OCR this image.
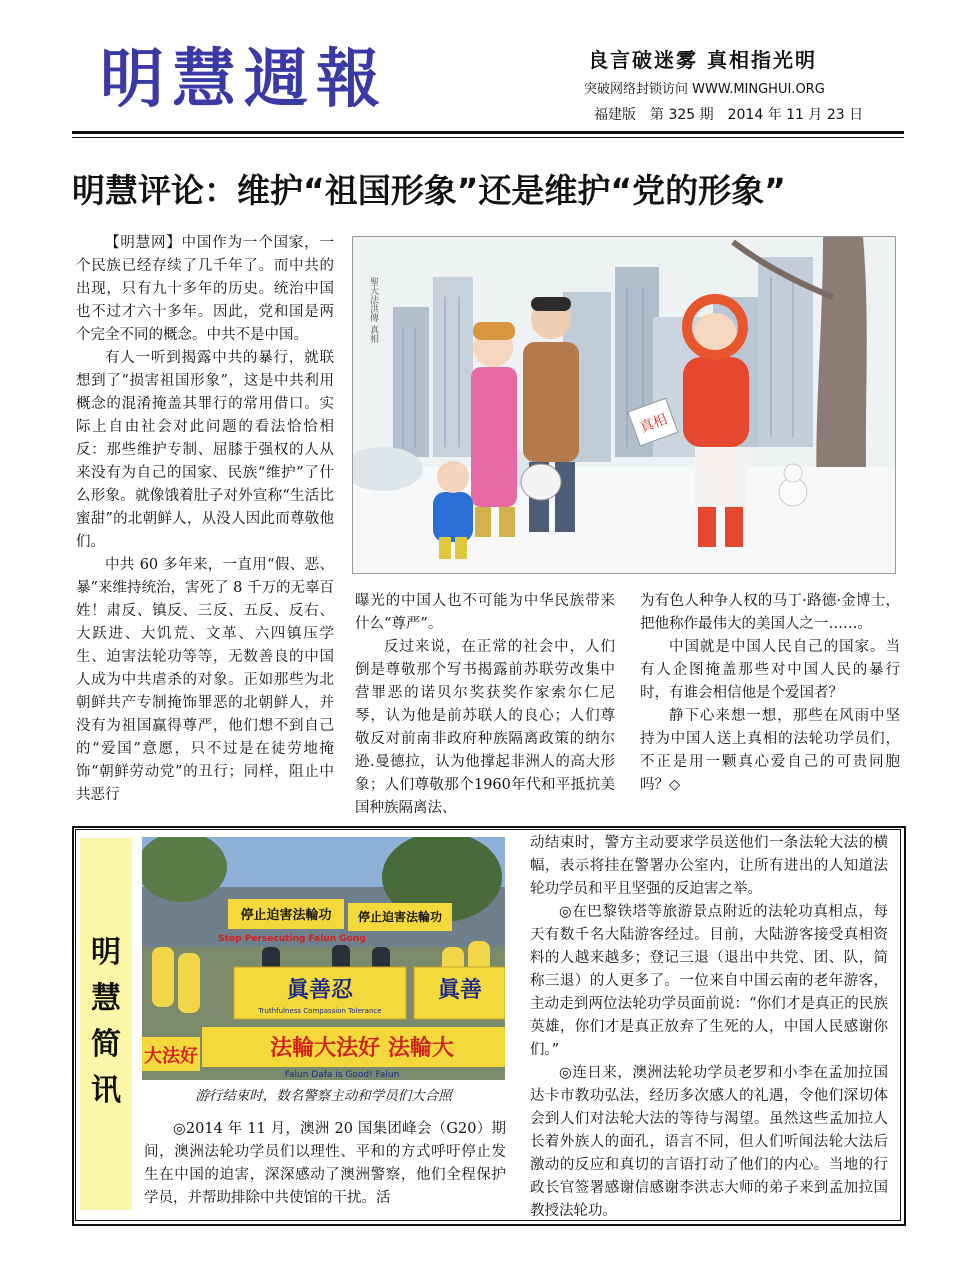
明慧週報	良言破迷雾 真相指光明
突破网络封锁访问 WWW.MINGHUI.ORG
福建版　第 325 期　2014 年 11 月 23 日
明慧评论：维护“祖国形象”还是维护“党的形象”

【明慧网】中国作为一个国家，一个民族已经存续了几千年了。而中共的出现，只有九十多年的历史。统治中国也不过才六十多年。因此，党和国是两个完全不同的概念。中共不是中国。

有人一听到揭露中共的暴行，就联想到了“损害祖国形象”，这是中共利用概念的混淆掩盖其罪行的常用借口。实际上自由社会对此问题的看法恰恰相反：那些维护专制、屈膝于强权的人从来没有为自己的国家、民族“维护”了什么形象。就像饿着肚子对外宣称“生活比蜜甜”的北朝鲜人，从没人因此而尊敬他们。

中共 60 多年来，一直用“假、恶、暴”来维持统治，害死了 8 千万的无辜百姓！肃反、镇反、三反、五反、反右、大跃进、大饥荒、文革、六四镇压学生、迫害法轮功等等，无数善良的中国人成为中共虐杀的对象。正如那些为北朝鲜共产专制掩饰罪恶的北朝鲜人，并没有为祖国赢得尊严，他们想不到自己的“爱国”意愿，只不过是在徒劳地掩饰“朝鲜劳动党”的丑行；同样，阻止中共恶行

真相
聖大法洪傳 真相

曝光的中国人也不可能为中华民族带来什么“尊严”。

反过来说，在正常的社会中，人们倒是尊敬那个写书揭露前苏联劳改集中营罪恶的诺贝尔奖获奖作家索尔仁尼琴，认为他是前苏联人的良心；人们尊敬反对前南非政府种族隔离政策的纳尔逊.曼德拉，认为他撑起非洲人的高大形象；人们尊敬那个1960年代和平抵抗美国种族隔离法、

为有色人种争人权的马丁·路德·金博士，把他称作最伟大的美国人之一……。

中国就是中国人民自己的国家。当有人企图掩盖那些对中国人民的暴行时，有谁会相信他是个爱国者？

静下心来想一想，那些在风雨中坚持为中国人送上真相的法轮功学员们，不正是用一颗真心爱自己的可贵同胞吗？◇

明
慧
简
讯
停止迫害法輪功 停止迫害法輪功
Stop Persecuting Falun Gong
眞善忍
Truthfulness Compassion Tolerance
眞善
法輪大法好 法輪大
大法好
Falun Dafa is Good! Falun
游行结束时，数名警察主动和学员们大合照

◎2014 年 11 月，澳洲 20 国集团峰会（G20）期间，澳洲法轮功学员们以理性、平和的方式呼吁停止发生在中国的迫害，深深感动了澳洲警察，他们全程保护学员，并帮助排除中共使馆的干扰。活

动结束时，警方主动要求学员送他们一条法轮大法的横幅，表示将挂在警署办公室内，让所有进出的人知道法轮功学员和平且坚强的反迫害之举。

◎在巴黎铁塔等旅游景点附近的法轮功真相点，每天有数千名大陆游客经过。目前，大陆游客接受真相资料的人越来越多；登记三退（退出中共党、团、队，简称三退）的人更多了。一位来自中国云南的老年游客，主动走到两位法轮功学员面前说：“你们才是真正的民族英雄，你们才是真正放弃了生死的人，中国人民感谢你们。”

◎连日来，澳洲法轮功学员老罗和小李在孟加拉国达卡市教功弘法，经历多次感人的礼遇，令他们深切体会到人们对法轮大法的等待与渴望。虽然这些孟加拉人长着外族人的面孔，语言不同，但人们听闻法轮大法后激动的反应和真切的言语打动了他们的内心。当地的行政长官签署感谢信感谢李洪志大师的弟子来到孟加拉国教授法轮功。
